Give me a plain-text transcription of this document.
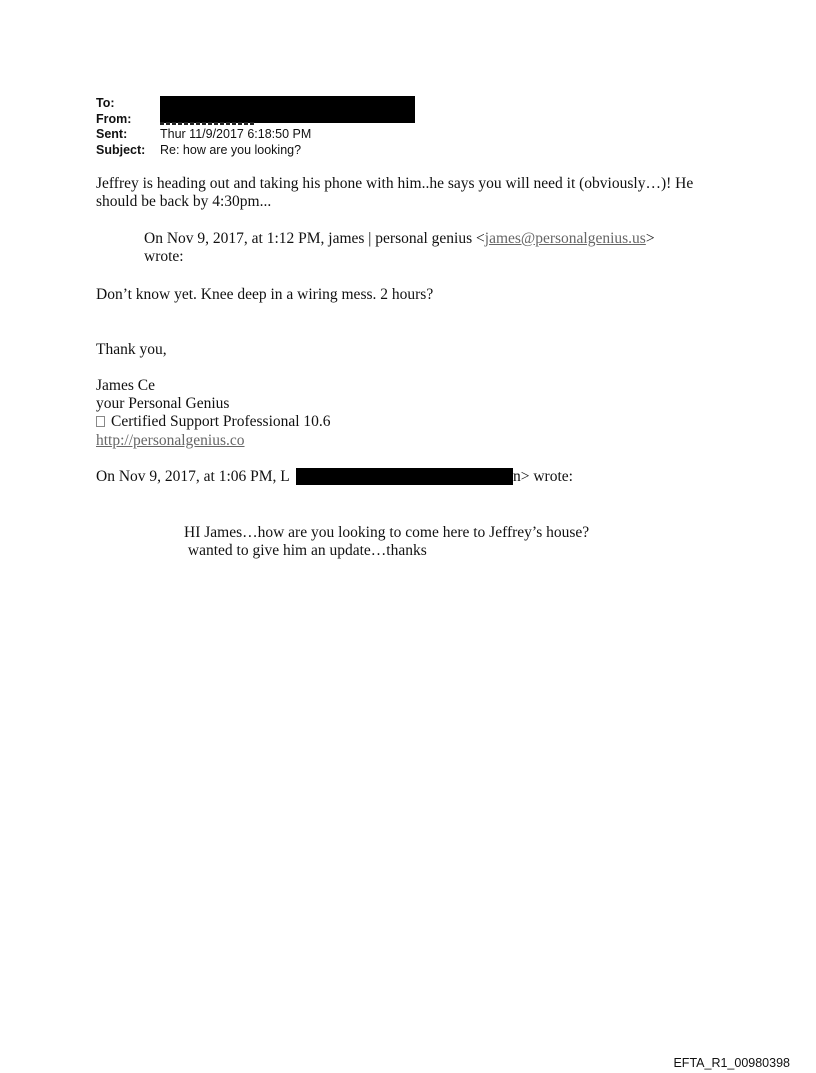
To:
From:
Sent:	Thur 11/9/2017 6:18:50 PM
Subject:	Re: how are you looking?
Jeffrey is heading out and taking his phone with him..he says you will need it (obviously…)! He
should be back by 4:30pm...
On Nov 9, 2017, at 1:12 PM, james | personal genius <james@personalgenius.us>
wrote:
Don’t know yet. Knee deep in a wiring mess. 2 hours?
Thank you,
James Ce
your Personal Genius
Certified Support Professional 10.6
http://personalgenius.co
On Nov 9, 2017, at 1:06 PM, L	n> wrote:
HI James…how are you looking to come here to Jeffrey’s house?
wanted to give him an update…thanks
EFTA_R1_00980398
